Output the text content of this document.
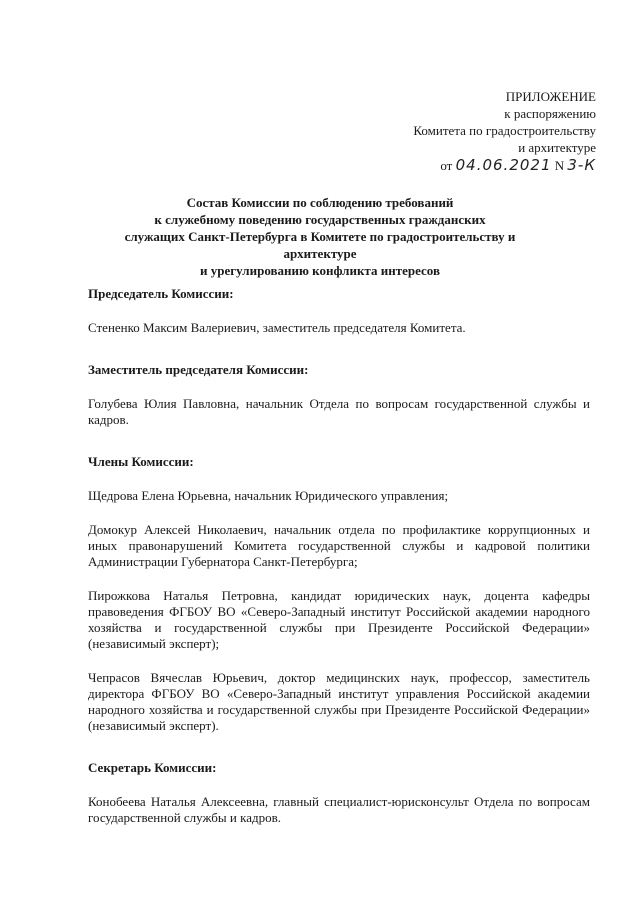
ПРИЛОЖЕНИЕ
к распоряжению
Комитета по градостроительству
и архитектуре
от 04.06.2021 N 3-К
Состав Комиссии по соблюдению требований
к служебному поведению государственных гражданских
служащих Санкт-Петербурга в Комитете по градостроительству и архитектуре
и урегулированию конфликта интересов

Председатель Комиссии:

Стененко Максим Валериевич, заместитель председателя Комитета.

Заместитель председателя Комиссии:

Голубева Юлия Павловна, начальник Отдела по вопросам государственной службы и кадров.

Члены Комиссии:

Щедрова Елена Юрьевна, начальник Юридического управления;

Домокур Алексей Николаевич, начальник отдела по профилактике коррупционных и иных правонарушений Комитета государственной службы и кадровой политики Администрации Губернатора Санкт-Петербурга;

Пирожкова Наталья Петровна, кандидат юридических наук, доцента кафедры правоведения ФГБОУ ВО «Северо-Западный институт Российской академии народного хозяйства и государственной службы при Президенте Российской Федерации» (независимый эксперт);

Чепрасов Вячеслав Юрьевич, доктор медицинских наук, профессор, заместитель директора ФГБОУ ВО «Северо-Западный институт управления Российской академии народного хозяйства и государственной службы при Президенте Российской Федерации» (независимый эксперт).

Секретарь Комиссии:

Конобеева Наталья Алексеевна, главный специалист-юрисконсульт Отдела по вопросам государственной службы и кадров.
